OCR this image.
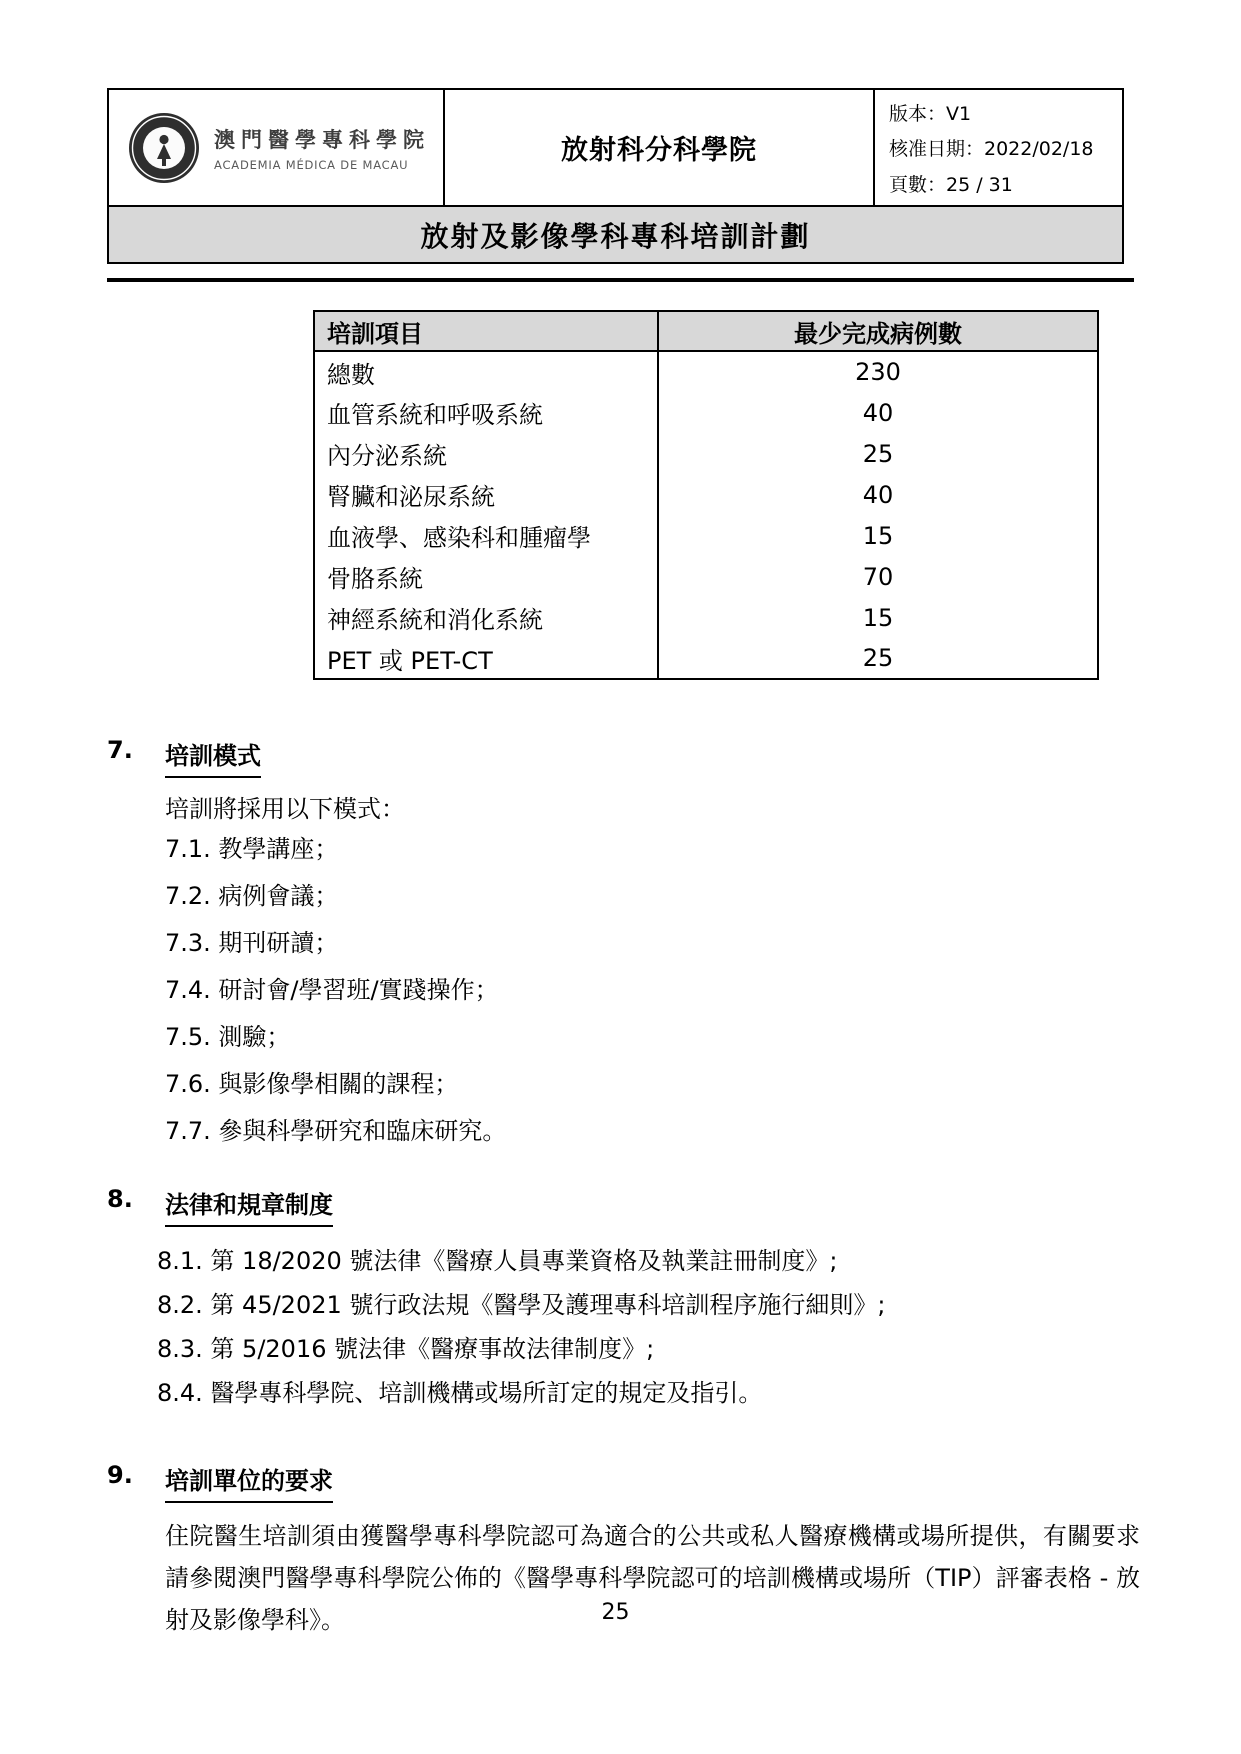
澳門醫學專科學院
ACADEMIA MÉDICA DE MACAU	放射科分科學院
版本：V1
核准日期：2022/02/18
頁數：25 / 31
放射及影像學科專科培訓計劃
培訓項目	最少完成病例數
總數	230
血管系統和呼吸系統	40
內分泌系統	25
腎臟和泌尿系統	40
血液學、感染科和腫瘤學	15
骨胳系統	70
神經系統和消化系統	15
PET 或 PET-CT	25
7.	培訓模式
培訓將採用以下模式：
7.1. 教學講座；
7.2. 病例會議；
7.3. 期刊研讀；
7.4. 研討會/學習班/實踐操作；
7.5. 測驗；
7.6. 與影像學相關的課程；
7.7. 參與科學研究和臨床研究。
8.	法律和規章制度
8.1. 第 18/2020 號法律《醫療人員專業資格及執業註冊制度》;
8.2. 第 45/2021 號行政法規《醫學及護理專科培訓程序施行細則》;
8.3. 第 5/2016 號法律《醫療事故法律制度》;
8.4. 醫學專科學院、培訓機構或場所訂定的規定及指引。
9.	培訓單位的要求
住院醫生培訓須由獲醫學專科學院認可為適合的公共或私人醫療機構或場所提供，有關要求請參閱澳門醫學專科學院公佈的《醫學專科學院認可的培訓機構或場所（TIP）評審表格 - 放射及影像學科》。	25
